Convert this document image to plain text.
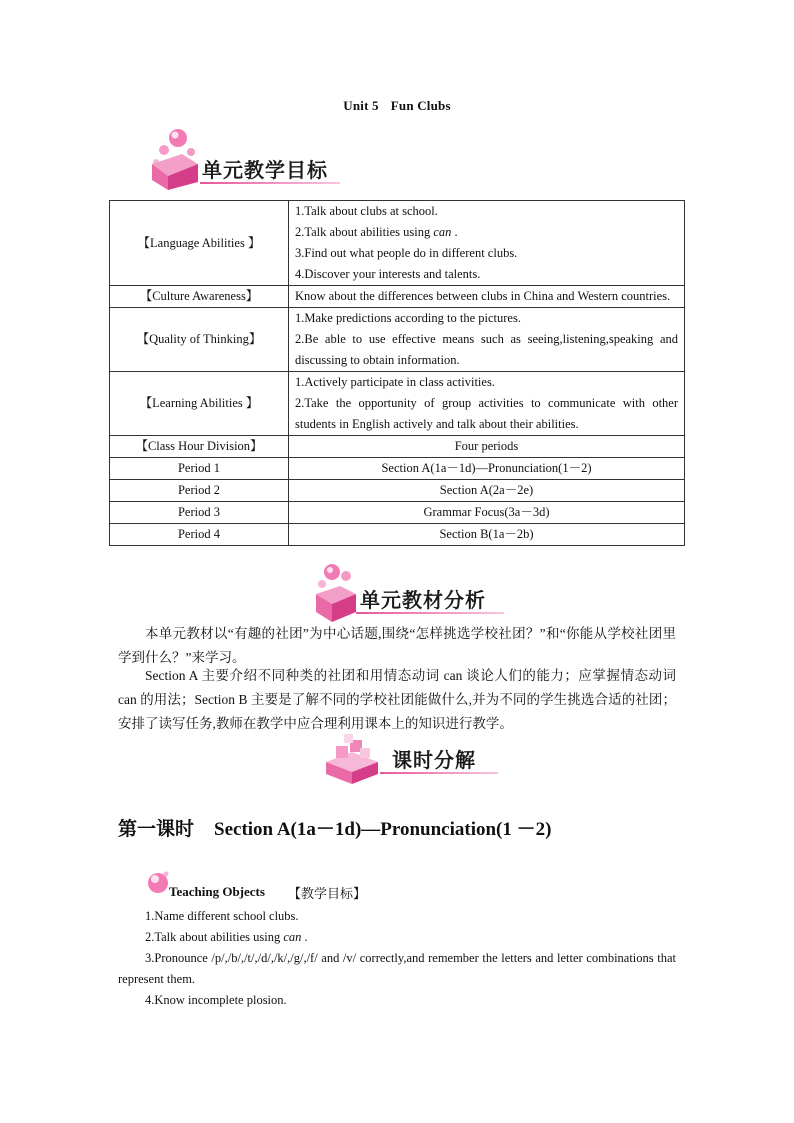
Unit 5 Fun Clubs
单元教学目标
【Language Abilities 】	1.Talk about clubs at school.
2.Talk about abilities using can .
3.Find out what people do in different clubs.
4.Discover your interests and talents.

【Culture Awareness】	Know about the differences between clubs in China and Western countries.
【Quality of Thinking】	1.Make predictions according to the pictures.
2.Be able to use effective means such as seeing,listening,speaking and discussing to obtain information.

【Learning Abilities 】	1.Actively participate in class activities.
2.Take the opportunity of group activities to communicate with other students in English actively and talk about their abilities.

【Class Hour Division】	Four periods
Period 1	Section A(1a－1d)—Pronunciation(1－2)
Period 2	Section A(2a－2e)
Period 3	Grammar Focus(3a－3d)
Period 4	Section B(1a－2b)
单元教材分析

本单元教材以“有趣的社团”为中心话题,围绕“怎样挑选学校社团？”和“你能从学校社团里学到什么？”来学习。

Section A 主要介绍不同种类的社团和用情态动词 can 谈论人们的能力；应掌握情态动词 can 的用法；Section B 主要是了解不同的学校社团能做什么,并为不同的学生挑选合适的社团；安排了读写任务,教师在教学中应合理利用课本上的知识进行教学。

课时分解
第一课时 Section A(1a－1d)—Pronunciation(1 －2)
Teaching Objects 【教学目标】
1.Name different school clubs.
2.Talk about abilities using can .
3.Pronounce /p/,/b/,/t/,/d/,/k/,/g/,/f/ and /v/ correctly,and remember the letters and letter combinations that represent them.
4.Know incomplete plosion.
